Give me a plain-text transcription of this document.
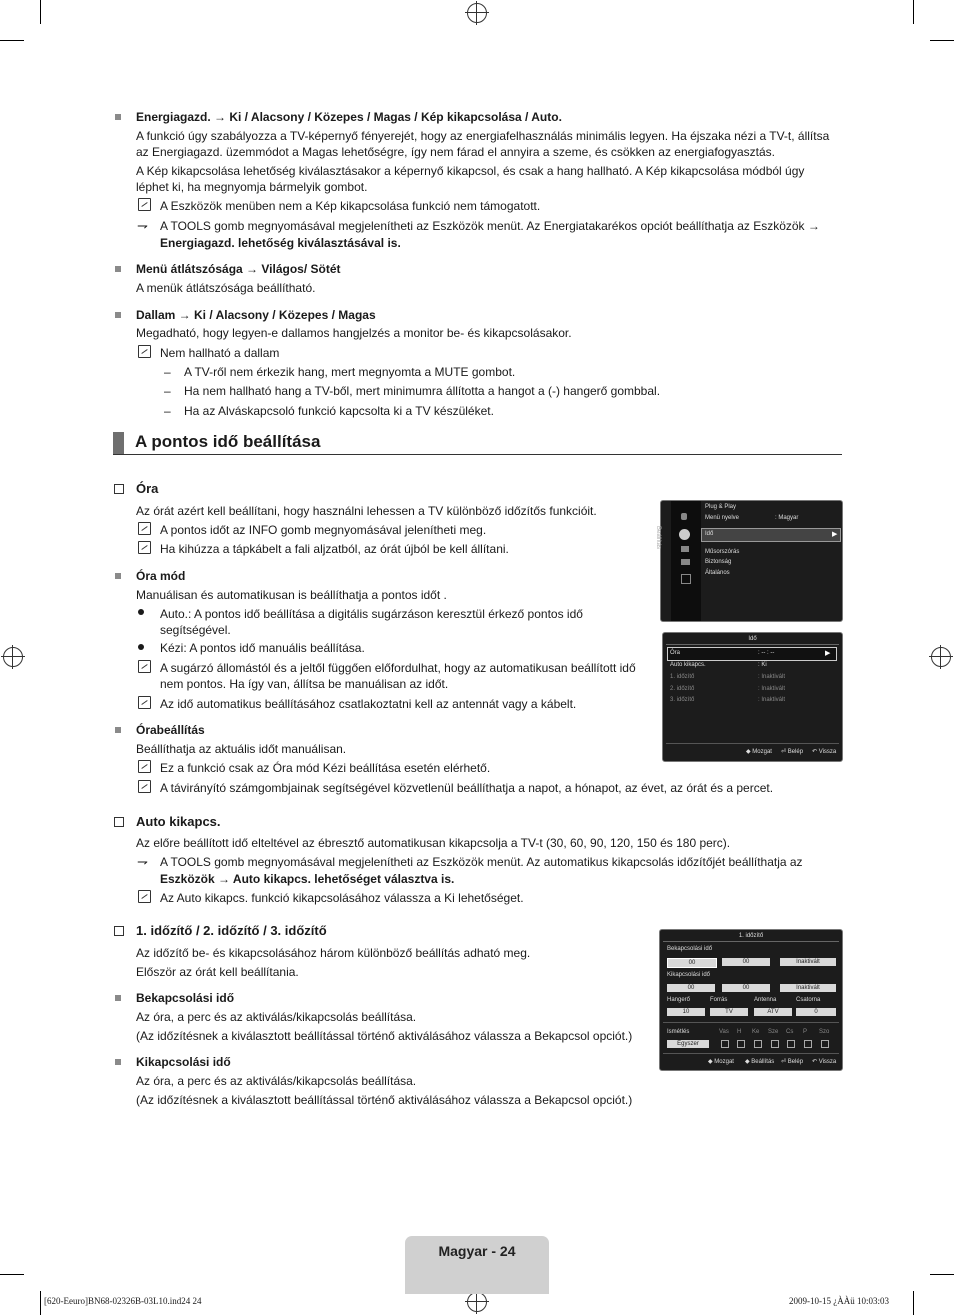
Energiagazd. → Ki / Alacsony / Közepes / Magas / Kép kikapcsolása / Auto.
A funkció úgy szabályozza a TV-képernyő fényerejét, hogy az energiafelhasználás minimális legyen. Ha éjszaka nézi a TV-t, állítsa
az Energiagazd. üzemmódot a Magas lehetőségre, így nem fárad el annyira a szeme, és csökken az energiafogyasztás.
A Kép kikapcsolása lehetőség kiválasztásakor a képernyő kikapcsol, és csak a hang hallható. A Kép kikapcsolása módból úgy
léphet ki, ha megnyomja bármelyik gombot.
A Eszközök menüben nem a Kép kikapcsolása funkció nem támogatott.
⇁ A TOOLS gomb megnyomásával megjelenítheti az Eszközök menüt. Az Energiatakarékos opciót beállíthatja az Eszközök →
Energiagazd. lehetőség kiválasztásával is.
Menü átlátszósága → Világos/ Sötét
A menük átlátszósága beállítható.
Dallam → Ki / Alacsony / Közepes / Magas
Megadható, hogy legyen-e dallamos hangjelzés a monitor be- és kikapcsolásakor.
Nem hallható a dallam
– A TV-ről nem érkezik hang, mert megnyomta a MUTE gombot.
– Ha nem hallható hang a TV-ből, mert minimumra állította a hangot a (-) hangerő gombbal.
– Ha az Alváskapcsoló funkció kapcsolta ki a TV készüléket.
A pontos idő beállítása
Óra
Az órát azért kell beállítani, hogy használni lehessen a TV különböző időzítős funkcióit.
A pontos időt az INFO gomb megnyomásával jelenítheti meg.
Ha kihúzza a tápkábelt a fali aljzatból, az órát újból be kell állítani.
Óra mód
Manuálisan és automatikusan is beállíthatja a pontos időt .
Auto.: A pontos idő beállítása a digitális sugárzáson keresztül érkező pontos idő
segítségével.
Kézi: A pontos idő manuális beállítása.
A sugárzó állomástól és a jeltől függően előfordulhat, hogy az automatikusan beállított idő
nem pontos. Ha így van, állítsa be manuálisan az időt.
Az idő automatikus beállításához csatlakoztatni kell az antennát vagy a kábelt.
Órabeállítás
Beállíthatja az aktuális időt manuálisan.
Ez a funkció csak az Óra mód Kézi beállítása esetén elérhető.
A távirányító számgombjainak segítségével közvetlenül beállíthatja a napot, a hónapot, az évet, az órát és a percet.
Auto kikapcs.
Az előre beállított idő elteltével az ébresztő automatikusan kikapcsolja a TV-t (30, 60, 90, 120, 150 és 180 perc).
⇁ A TOOLS gomb megnyomásával megjelenítheti az Eszközök menüt. Az automatikus kikapcsolás időzítőjét beállíthatja az
Eszközök → Auto kikapcs. lehetőséget választva is.
Az Auto kikapcs. funkció kikapcsolásához válassza a Ki lehetőséget.
1. időzítő / 2. időzítő / 3. időzítő
Az időzítő be- és kikapcsolásához három különböző beállítás adható meg.
Először az órát kell beállítania.
Bekapcsolási idő
Az óra, a perc és az aktiválás/kikapcsolás beállítása.
(Az időzítésnek a kiválasztott beállítással történő aktiválásához válassza a Bekapcsol opciót.)
Kikapcsolási idő
Az óra, a perc és az aktiválás/kikapcsolás beállítása.
(Az időzítésnek a kiválasztott beállítással történő aktiválásához válassza a Bekapcsol opciót.)
Beállítás
Plug & Play
Menü nyelve	: Magyar
Idő	▶
Műsorszórás
Biztonság
Általános
Idő
Óra	: -- : --	▶
Auto kikapcs.	: Ki
1. időzítő	: Inaktivált
2. időzítő	: Inaktivált
3. időzítő	: Inaktivált
◆ Mozgat ⏎ Belép ↶ Vissza
1. időzítő
Bekapcsolási idő
00	00	Inaktivált
Kikapcsolási idő
00	00	Inaktivált
Hangerő	Forrás	Antenna	Csatorna
10	TV	ATV	0
Ismétlés	Vas H Ke Sze Cs P Szo
Egyszer
◆ Mozgat ◆ Beállítás ⏎ Belép ↶ Vissza
Magyar - 24
[620-Eeuro]BN68-02326B-03L10.ind24 24	2009-10-15 ¿ÀÀü 10:03:03
